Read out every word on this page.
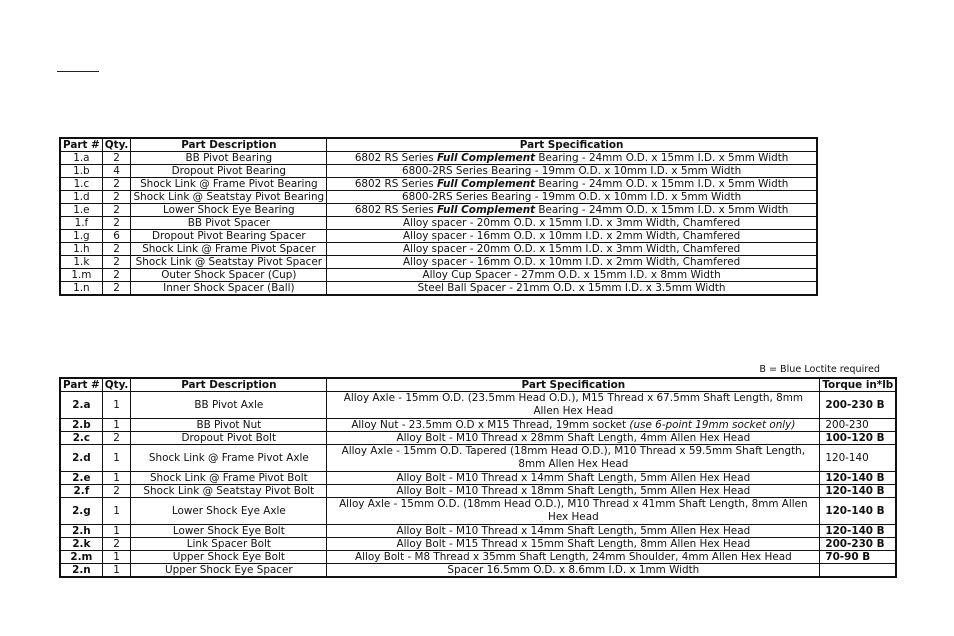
Part #	Qty.	Part Description	Part Specification
1.a	2	BB Pivot Bearing	6802 RS Series Full Complement Bearing - 24mm O.D. x 15mm I.D. x 5mm Width
1.b	4	Dropout Pivot Bearing	6800-2RS Series Bearing - 19mm O.D. x 10mm I.D. x 5mm Width
1.c	2	Shock Link @ Frame Pivot Bearing	6802 RS Series Full Complement Bearing - 24mm O.D. x 15mm I.D. x 5mm Width
1.d	2	Shock Link @ Seatstay Pivot Bearing	6800-2RS Series Bearing - 19mm O.D. x 10mm I.D. x 5mm Width
1.e	2	Lower Shock Eye Bearing	6802 RS Series Full Complement Bearing - 24mm O.D. x 15mm I.D. x 5mm Width
1.f	2	BB Pivot Spacer	Alloy spacer - 20mm O.D. x 15mm I.D. x 3mm Width, Chamfered
1.g	6	Dropout Pivot Bearing Spacer	Alloy spacer - 16mm O.D. x 10mm I.D. x 2mm Width, Chamfered
1.h	2	Shock Link @ Frame Pivot Spacer	Alloy spacer - 20mm O.D. x 15mm I.D. x 3mm Width, Chamfered
1.k	2	Shock Link @ Seatstay Pivot Spacer	Alloy spacer - 16mm O.D. x 10mm I.D. x 2mm Width, Chamfered
1.m	2	Outer Shock Spacer (Cup)	Alloy Cup Spacer - 27mm O.D. x 15mm I.D. x 8mm Width
1.n	2	Inner Shock Spacer (Ball)	Steel Ball Spacer - 21mm O.D. x 15mm I.D. x 3.5mm Width
B = Blue Loctite required
Part #	Qty.	Part Description	Part Specification	Torque in*lb
2.a	1	BB Pivot Axle	Alloy Axle - 15mm O.D. (23.5mm Head O.D.), M15 Thread x 67.5mm Shaft Length, 8mm Allen Hex Head	200-230 B
2.b	1	BB Pivot Nut	Alloy Nut - 23.5mm O.D x M15 Thread, 19mm socket (use 6-point 19mm socket only)	200-230
2.c	2	Dropout Pivot Bolt	Alloy Bolt - M10 Thread x 28mm Shaft Length, 4mm Allen Hex Head	100-120 B
2.d	1	Shock Link @ Frame Pivot Axle	Alloy Axle - 15mm O.D. Tapered (18mm Head O.D.), M10 Thread x 59.5mm Shaft Length, 8mm Allen Hex Head	120-140
2.e	1	Shock Link @ Frame Pivot Bolt	Alloy Bolt - M10 Thread x 14mm Shaft Length, 5mm Allen Hex Head	120-140 B
2.f	2	Shock Link @ Seatstay Pivot Bolt	Alloy Bolt - M10 Thread x 18mm Shaft Length, 5mm Allen Hex Head	120-140 B
2.g	1	Lower Shock Eye Axle	Alloy Axle - 15mm O.D. (18mm Head O.D.), M10 Thread x 41mm Shaft Length, 8mm Allen Hex Head	120-140 B
2.h	1	Lower Shock Eye Bolt	Alloy Bolt - M10 Thread x 14mm Shaft Length, 5mm Allen Hex Head	120-140 B
2.k	2	Link Spacer Bolt	Alloy Bolt - M15 Thread x 15mm Shaft Length, 8mm Allen Hex Head	200-230 B
2.m	1	Upper Shock Eye Bolt	Alloy Bolt - M8 Thread x 35mm Shaft Length, 24mm Shoulder, 4mm Allen Hex Head	70-90 B
2.n	1	Upper Shock Eye Spacer	Spacer 16.5mm O.D. x 8.6mm I.D. x 1mm Width	
